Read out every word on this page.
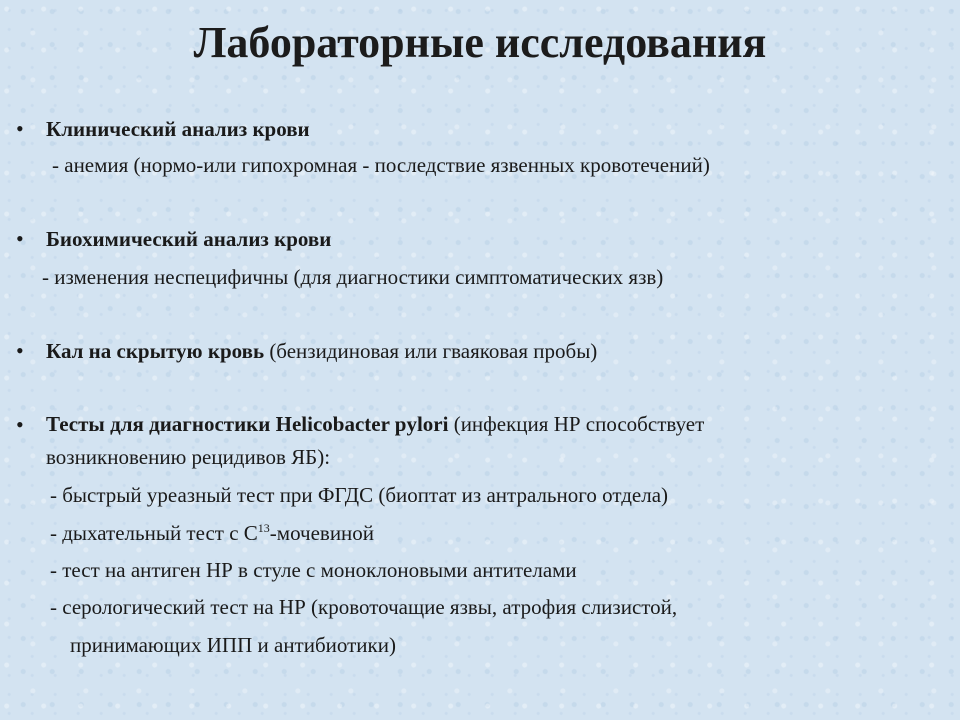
Лабораторные исследования
• Клинический анализ крови
- анемия (нормо-или гипохромная - последствие язвенных кровотечений)
• Биохимический анализ крови
- изменения неспецифичны (для диагностики симптоматических язв)
• Кал на скрытую кровь (бензидиновая или гваяковая пробы)
• Тесты для диагностики Helicobacter pylori (инфекция НР способствует
возникновению рецидивов ЯБ):
- быстрый уреазный тест при ФГДС (биоптат из антрального отдела)
- дыхательный тест с $С^{13}$-мочевиной
- тест на антиген НР в стуле с моноклоновыми антителами
- серологический тест на НР (кровоточащие язвы, атрофия слизистой,
принимающих ИПП и антибиотики)
